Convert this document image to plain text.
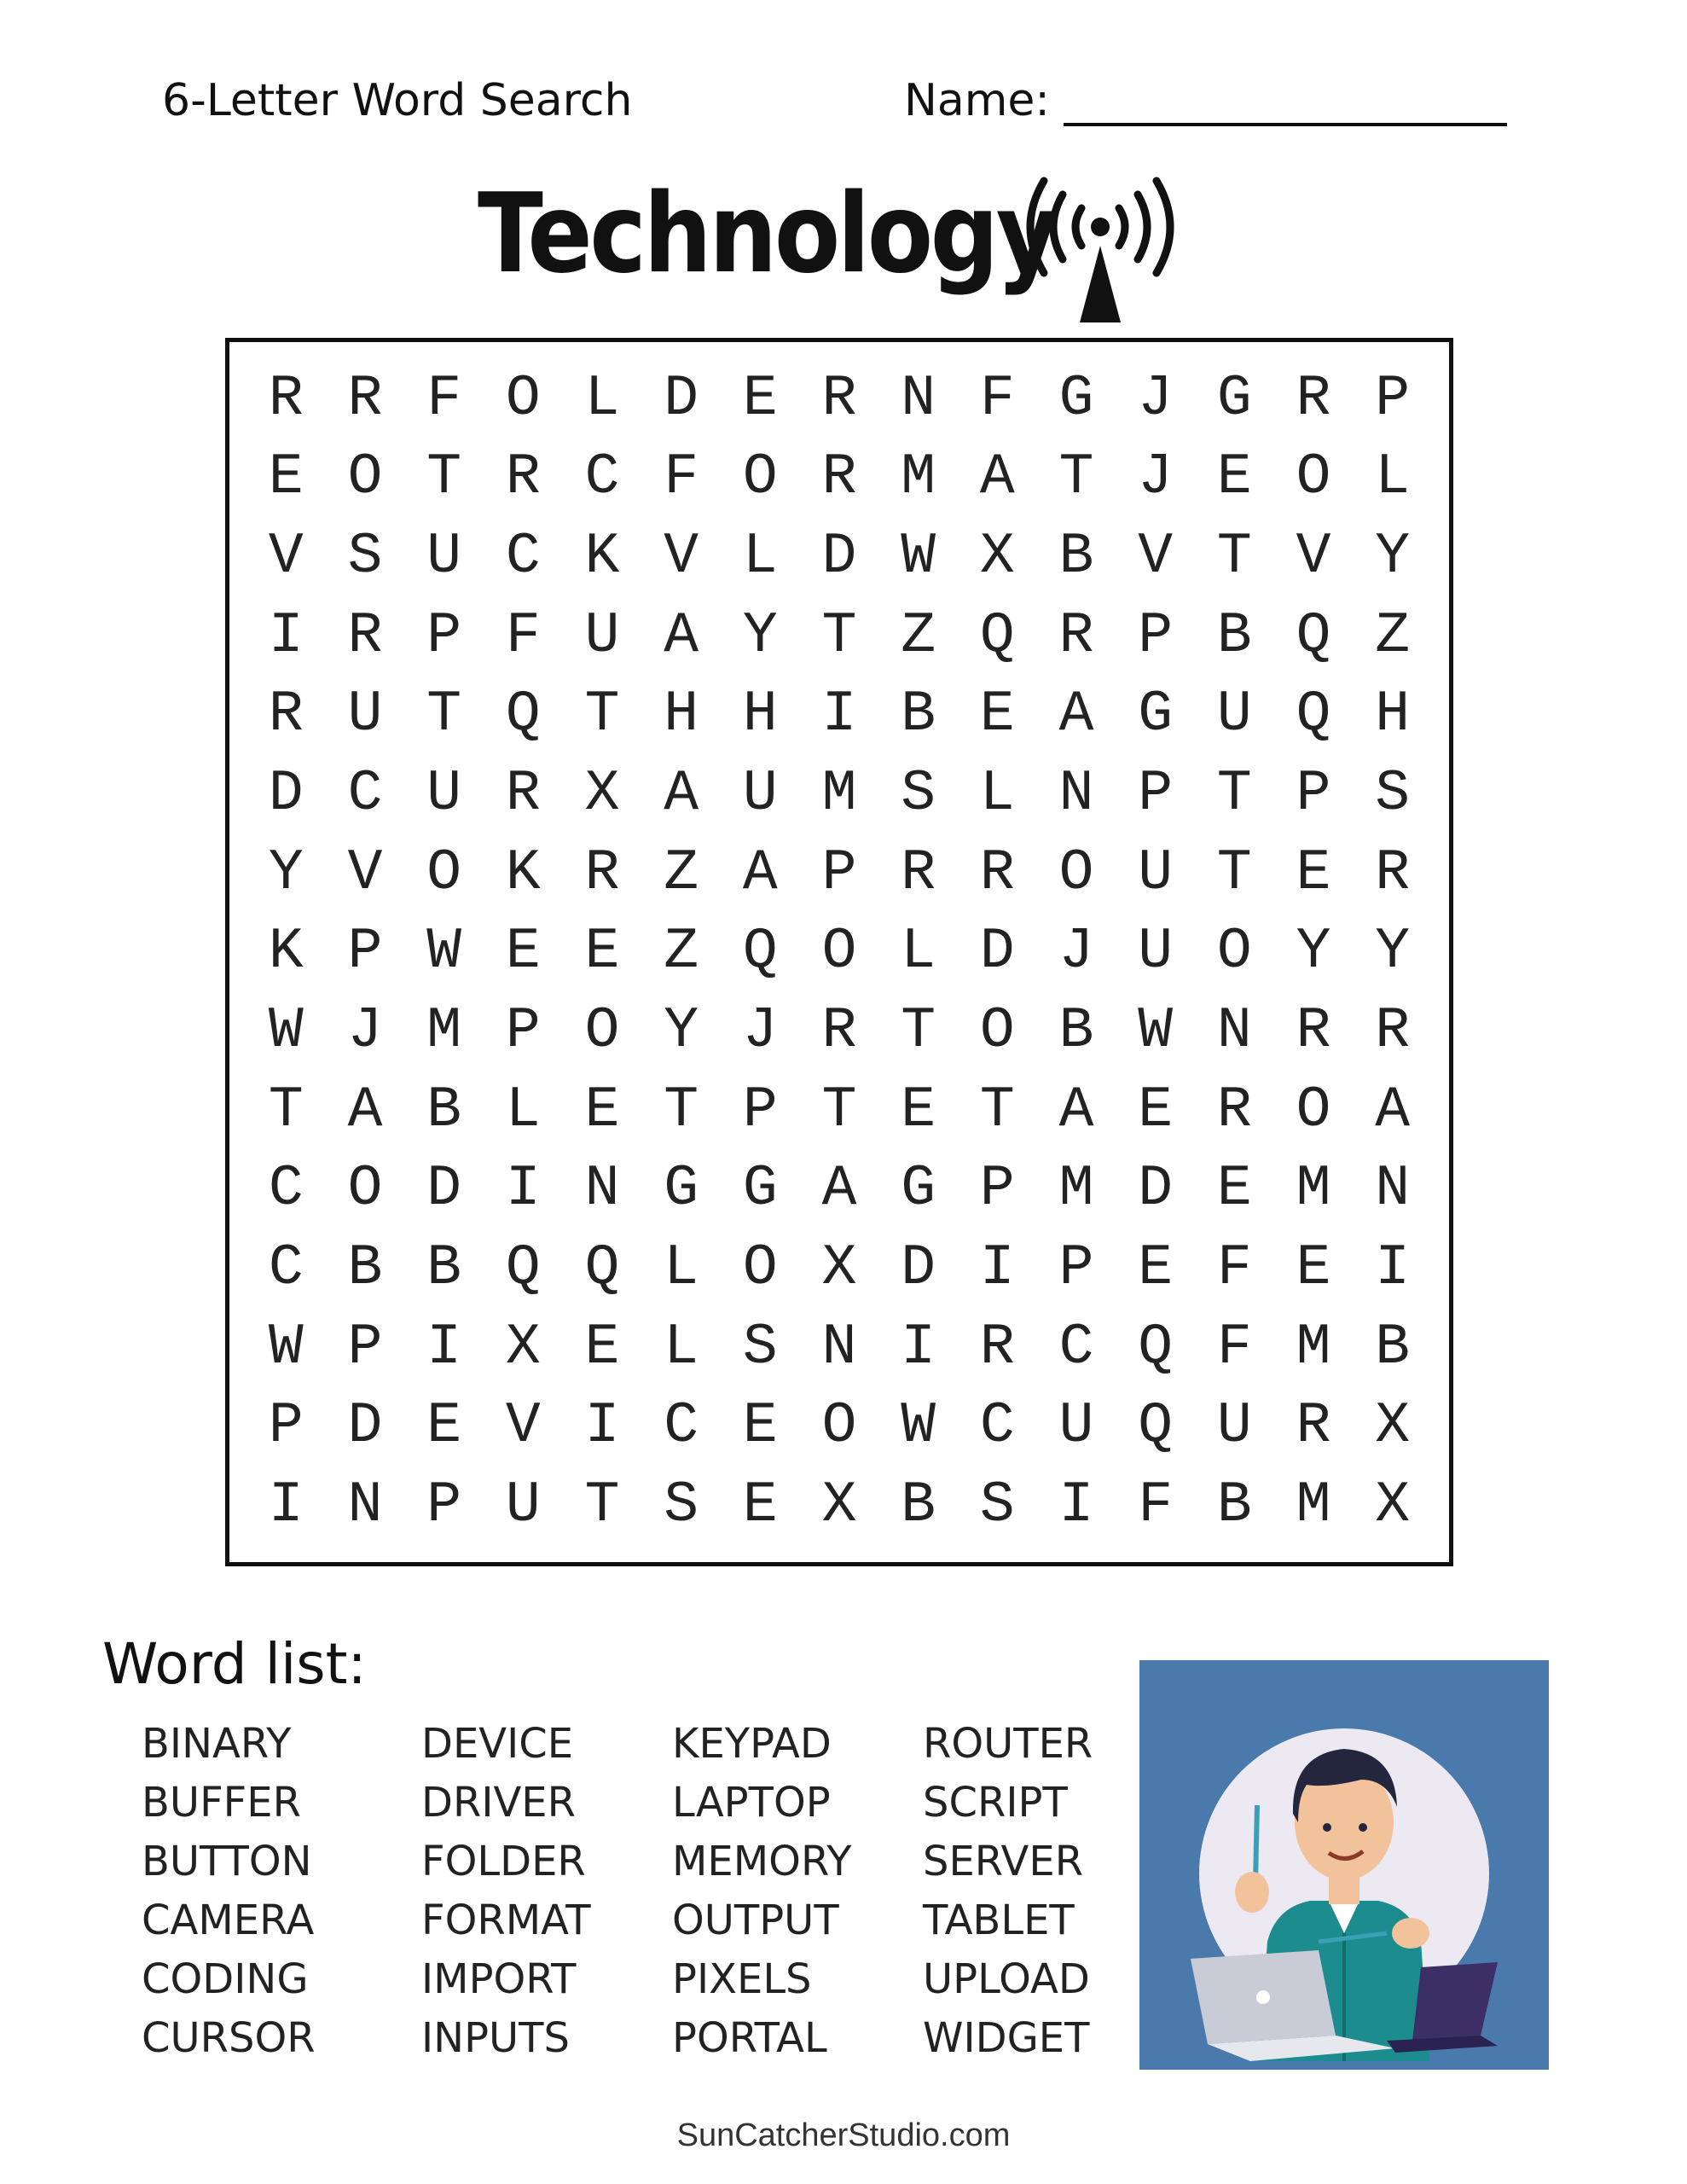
6-Letter Word Search	Name:
Technology
R R F O L D E R N F G J G R P
E O T R C F O R M A T J E O L
V S U C K V L D W X B V T V Y
I R P F U A Y T Z Q R P B Q Z
R U T Q T H H I B E A G U Q H
D C U R X A U M S L N P T P S
Y V O K R Z A P R R O U T E R
K P W E E Z Q O L D J U O Y Y
W J M P O Y J R T O B W N R R
T A B L E T P T E T A E R O A
C O D I N G G A G P M D E M N
C B B Q Q L O X D I P E F E I
W P I X E L S N I R C Q F M B
P D E V I C E O W C U Q U R X
I N P U T S E X B S I F B M X
Word list:
BINARY
BUFFER
BUTTON
CAMERA
CODING
CURSOR
DEVICE
DRIVER
FOLDER
FORMAT
IMPORT
INPUTS
KEYPAD
LAPTOP
MEMORY
OUTPUT
PIXELS
PORTAL
ROUTER
SCRIPT
SERVER
TABLET
UPLOAD
WIDGET
SunCatcherStudio.com
